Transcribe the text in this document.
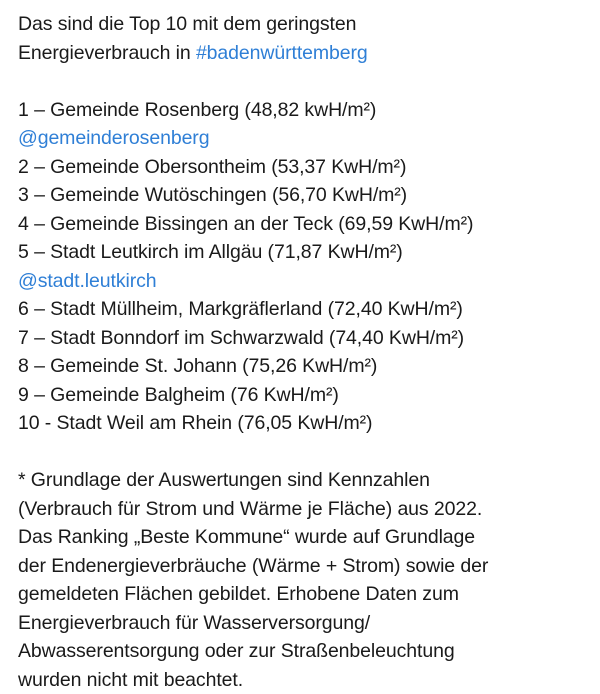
Das sind die Top 10 mit dem geringsten
Energieverbrauch in #badenwürttemberg
1 – Gemeinde Rosenberg (48,82 kwH/m²)
@gemeinderosenberg
2 – Gemeinde Obersontheim (53,37 KwH/m²)
3 – Gemeinde Wutöschingen (56,70 KwH/m²)
4 – Gemeinde Bissingen an der Teck (69,59 KwH/m²)
5 – Stadt Leutkirch im Allgäu (71,87 KwH/m²)
@stadt.leutkirch
6 – Stadt Müllheim, Markgräflerland (72,40 KwH/m²)
7 – Stadt Bonndorf im Schwarzwald (74,40 KwH/m²)
8 – Gemeinde St. Johann (75,26 KwH/m²)
9 – Gemeinde Balgheim (76 KwH/m²)
10 - Stadt Weil am Rhein (76,05 KwH/m²)
* Grundlage der Auswertungen sind Kennzahlen
(Verbrauch für Strom und Wärme je Fläche) aus 2022.
Das Ranking „Beste Kommune“ wurde auf Grundlage
der Endenergieverbräuche (Wärme + Strom) sowie der
gemeldeten Flächen gebildet. Erhobene Daten zum
Energieverbrauch für Wasserversorgung/
Abwasserentsorgung oder zur Straßenbeleuchtung
wurden nicht mit beachtet.
